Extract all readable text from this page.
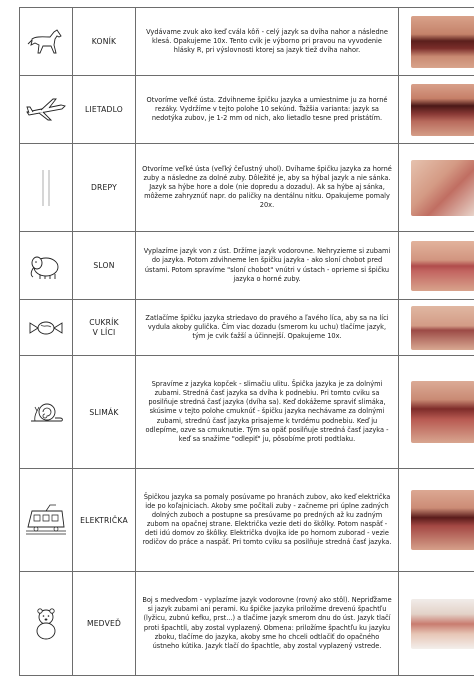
	KONÍK	Vydávame zvuk ako keď cvála kôň - celý jazyk sa dvíha nahor a následne klesá. Opakujeme 10x. Tento cvik je výborno pri pravou na vyvodenie hlásky R, pri výslovnosti ktorej sa jazyk tiež dvíha nahor.	

	LIETADLO	Otvoríme veľké ústa. Zdvihneme špičku jazyka a umiestnime ju za horné rezáky. Vydržíme v tejto polohe 10 sekúnd. Ťažšia varianta: jazyk sa nedotýka zubov, je 1-2 mm od nich, ako lietadlo tesne pred pristátím.	

	DREPY	Otvoríme veľké ústa (veľký čeľustný uhol). Dvíhame špičku jazyka za horné zuby a následne za dolné zuby. Dôležité je, aby sa hýbal jazyk a nie sánka. Jazyk sa hýbe hore a dole (nie dopredu a dozadu). Ak sa hýbe aj sánka, môžeme zahryznúť napr. do paličky na dentálnu nitku. Opakujeme pomaly 20x.	

	SLON	Vyplazíme jazyk von z úst. Držíme jazyk vodorovne. Nehryzieme si zubami do jazyka. Potom zdvihneme len špičku jazyka - ako sloní chobot pred ústami. Potom spravíme "sloní chobot" vnútri v ústach - oprieme si špičku jazyka o horné zuby.	

	CUKRÍK
V LÍCI	Zatlačíme špičku jazyka striedavo do pravého a ľavého líca, aby sa na líci vydula akoby gulička. Čím viac dozadu (smerom ku uchu) tlačíme jazyk, tým je cvik ťažší a účinnejší. Opakujeme 10x.	

	SLIMÁK	Spravíme z jazyka kopček - slimačiu ulitu. Špička jazyka je za dolnými zubami. Stredná časť jazyka sa dvíha k podnebiu. Pri tomto cviku sa posilňuje stredná časť jazyka (dvíha sa). Keď dokážeme spraviť slimáka, skúsime v tejto polohe cmuknúť - špičku jazyka nechávame za dolnými zubami, strednú časť jazyka prisajeme k tvrdému podnebiu. Keď ju odlepíme, ozve sa cmuknutie. Tým sa opäť posilňuje stredná časť jazyka - keď sa snažíme "odlepiť" ju, pôsobíme proti podtlaku.	

	ELEKTRIČKA	Špičkou jazyka sa pomaly posúvame po hranách zubov, ako keď električka ide po koľajniciach. Akoby sme počítali zuby - začneme pri úplne zadných dolných zuboch a postupne sa presúvame po predných až ku zadným zubom na opačnej strane. Električka vezie deti do škôlky. Potom naspäť - deti idú domov zo škôlky. Električka dvojka ide po hornom zuborad - vezie rodičov do práce a naspäť. Pri tomto cviku sa posilňuje stredná časť jazyka.	

	MEDVEĎ	Boj s medveďom - vyplazíme jazyk vodorovne (rovný ako stôl). Nepriďžame si jazyk zubami ani perami. Ku špičke jazyka priložíme drevenú špachtľu (lyžicu, zubnú kefku, prst...) a tlačíme jazyk smerom dnu do úst. Jazyk tlačí proti špachtli, aby zostal vyplazený. Obmena: priložíme špachtľu ku jazyku zboku, tlačíme do jazyka, akoby sme ho chceli odtlačiť do opačného ústneho kútika. Jazyk tlačí do špachtle, aby zostal vyplazený vstrede.	
